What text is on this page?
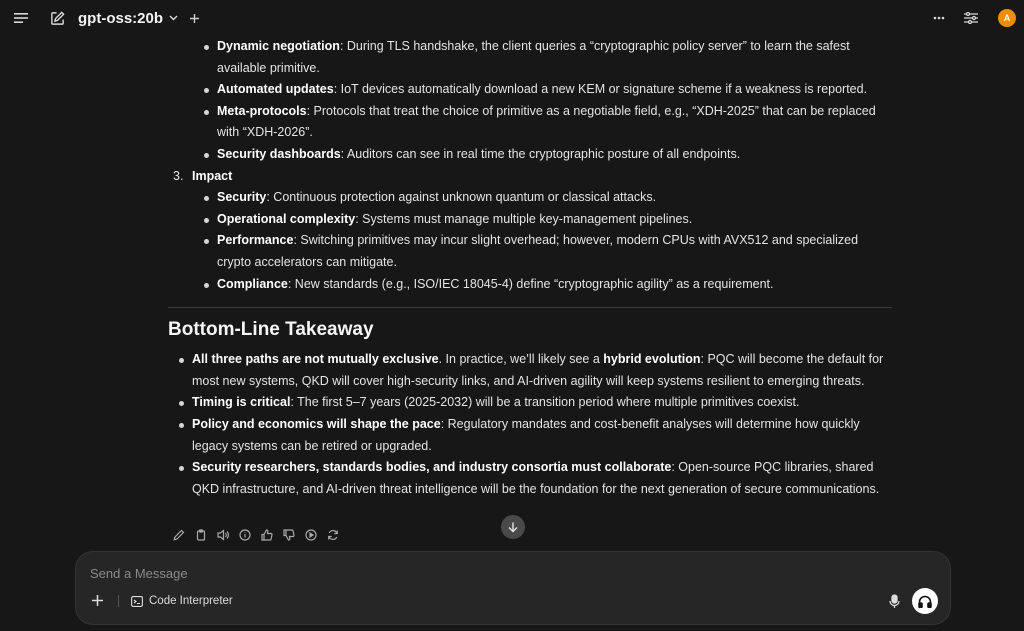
gpt-oss:20b	A
Dynamic negotiation: During TLS handshake, the client queries a “cryptographic policy server” to learn the safest available primitive.
Automated updates: IoT devices automatically download a new KEM or signature scheme if a weakness is reported.
Meta-protocols: Protocols that treat the choice of primitive as a negotiable field, e.g., “XDH-2025” that can be replaced with “XDH-2026”.
Security dashboards: Auditors can see in real time the cryptographic posture of all endpoints.
3. Impact
Security: Continuous protection against unknown quantum or classical attacks.
Operational complexity: Systems must manage multiple key-management pipelines.
Performance: Switching primitives may incur slight overhead; however, modern CPUs with AVX512 and specialized crypto accelerators can mitigate.
Compliance: New standards (e.g., ISO/IEC 18045-4) define “cryptographic agility” as a requirement.
Bottom-Line Takeaway
All three paths are not mutually exclusive. In practice, we’ll likely see a hybrid evolution: PQC will become the default for most new systems, QKD will cover high-security links, and AI-driven agility will keep systems resilient to emerging threats.
Timing is critical: The first 5–7 years (2025-2032) will be a transition period where multiple primitives coexist.
Policy and economics will shape the pace: Regulatory mandates and cost-benefit analyses will determine how quickly legacy systems can be retired or upgraded.
Security researchers, standards bodies, and industry consortia must collaborate: Open-source PQC libraries, shared QKD infrastructure, and AI-driven threat intelligence will be the foundation for the next generation of secure communications.
Send a Message
Code Interpreter
